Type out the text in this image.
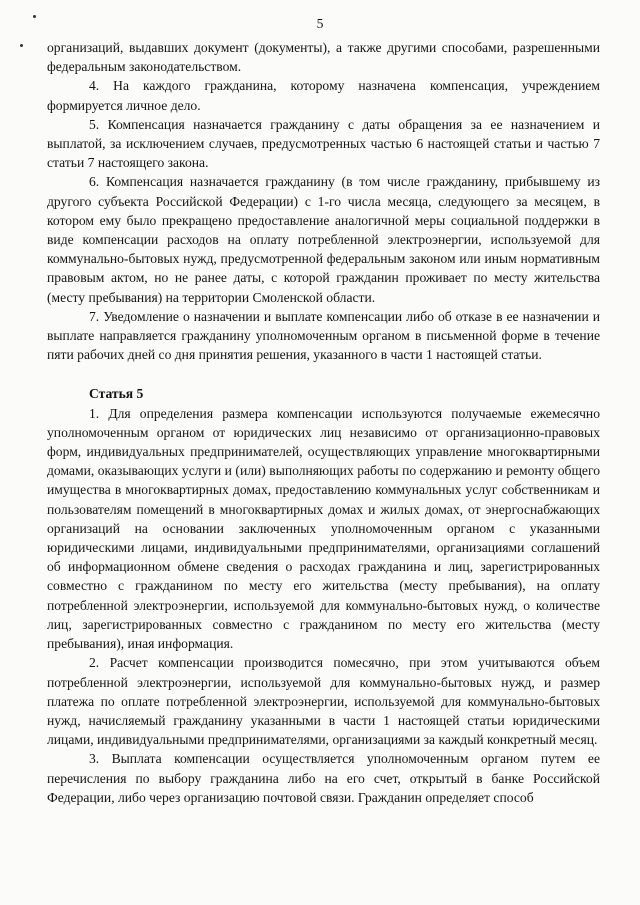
5

организаций, выдавших документ (документы), а также другими способами, разрешенными федеральным законодательством.

4. На каждого гражданина, которому назначена компенсация, учреждением формируется личное дело.

5. Компенсация назначается гражданину с даты обращения за ее назначением и выплатой, за исключением случаев, предусмотренных частью 6 настоящей статьи и частью 7 статьи 7 настоящего закона.

6. Компенсация назначается гражданину (в том числе гражданину, прибывшему из другого субъекта Российской Федерации) с 1-го числа месяца, следующего за месяцем, в котором ему было прекращено предоставление аналогичной меры социальной поддержки в виде компенсации расходов на оплату потребленной электроэнергии, используемой для коммунально-бытовых нужд, предусмотренной федеральным законом или иным нормативным правовым актом, но не ранее даты, с которой гражданин проживает по месту жительства (месту пребывания) на территории Смоленской области.

7. Уведомление о назначении и выплате компенсации либо об отказе в ее назначении и выплате направляется гражданину уполномоченным органом в письменной форме в течение пяти рабочих дней со дня принятия решения, указанного в части 1 настоящей статьи.

Статья 5

1. Для определения размера компенсации используются получаемые ежемесячно уполномоченным органом от юридических лиц независимо от организационно-правовых форм, индивидуальных предпринимателей, осуществляющих управление многоквартирными домами, оказывающих услуги и (или) выполняющих работы по содержанию и ремонту общего имущества в многоквартирных домах, предоставлению коммунальных услуг собственникам и пользователям помещений в многоквартирных домах и жилых домах, от энергоснабжающих организаций на основании заключенных уполномоченным органом с указанными юридическими лицами, индивидуальными предпринимателями, организациями соглашений об информационном обмене сведения о расходах гражданина и лиц, зарегистрированных совместно с гражданином по месту его жительства (месту пребывания), на оплату потребленной электроэнергии, используемой для коммунально-бытовых нужд, о количестве лиц, зарегистрированных совместно с гражданином по месту его жительства (месту пребывания), иная информация.

2. Расчет компенсации производится помесячно, при этом учитываются объем потребленной электроэнергии, используемой для коммунально-бытовых нужд, и размер платежа по оплате потребленной электроэнергии, используемой для коммунально-бытовых нужд, начисляемый гражданину указанными в части 1 настоящей статьи юридическими лицами, индивидуальными предпринимателями, организациями за каждый конкретный месяц.

3. Выплата компенсации осуществляется уполномоченным органом путем ее перечисления по выбору гражданина либо на его счет, открытый в банке Российской Федерации, либо через организацию почтовой связи. Гражданин определяет способ
